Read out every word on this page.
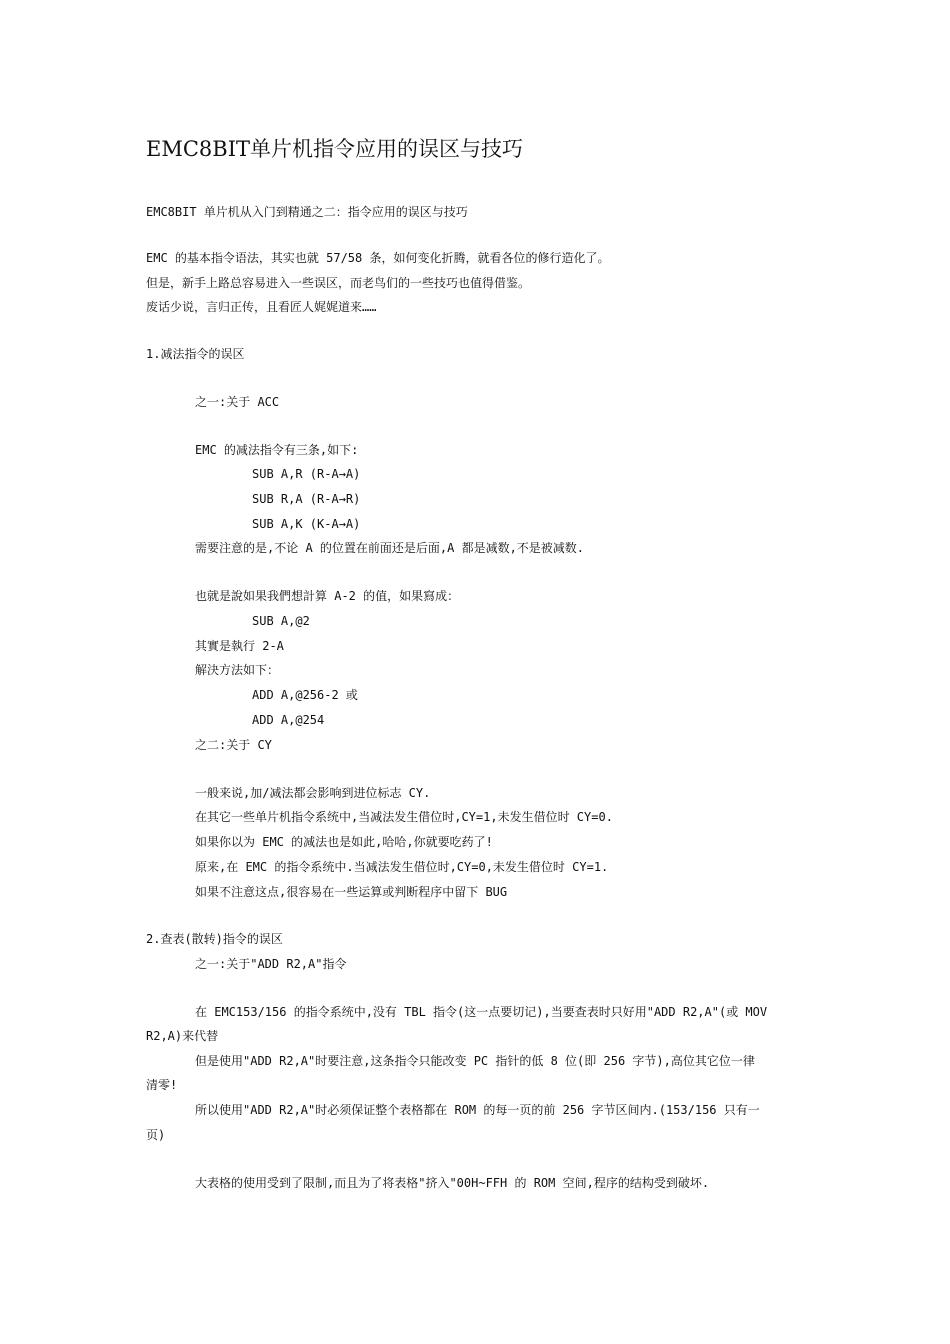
EMC8BIT单片机指令应用的误区与技巧
EMC8BIT 单片机从入门到精通之二：指令应用的误区与技巧
EMC 的基本指令语法，其实也就 57/58 条，如何变化折腾，就看各位的修行造化了。
但是，新手上路总容易进入一些误区，而老鸟们的一些技巧也值得借鉴。
废话少说，言归正传，且看匠人娓娓道来……
1.减法指令的误区
之一:关于 ACC
EMC 的减法指令有三条,如下:
SUB A,R (R-A→A)
SUB R,A (R-A→R)
SUB A,K (K-A→A)
需要注意的是,不论 A 的位置在前面还是后面,A 都是减数,不是被减数.
也就是說如果我們想計算 A-2 的值，如果寫成：
SUB A,@2
其實是執行 2-A
解決方法如下：
ADD A,@256-2 或
ADD A,@254
之二:关于 CY
一般来说,加/减法都会影响到进位标志 CY.
在其它一些单片机指令系统中,当减法发生借位时,CY=1,未发生借位时 CY=0.
如果你以为 EMC 的减法也是如此,哈哈,你就要吃药了!
原来,在 EMC 的指令系统中.当减法发生借位时,CY=0,未发生借位时 CY=1.
如果不注意这点,很容易在一些运算或判断程序中留下 BUG
2.查表(散转)指令的误区
之一:关于"ADD R2,A"指令
在 EMC153/156 的指令系统中,没有 TBL 指令(这一点要切记),当要查表时只好用"ADD R2,A"(或 MOV
R2,A)来代替
但是使用"ADD R2,A"时要注意,这条指令只能改变 PC 指针的低 8 位(即 256 字节),高位其它位一律
清零!
所以使用"ADD R2,A"时必须保证整个表格都在 ROM 的每一页的前 256 字节区间内.(153/156 只有一
页)
大表格的使用受到了限制,而且为了将表格"挤入"00H~FFH 的 ROM 空间,程序的结构受到破坏.
